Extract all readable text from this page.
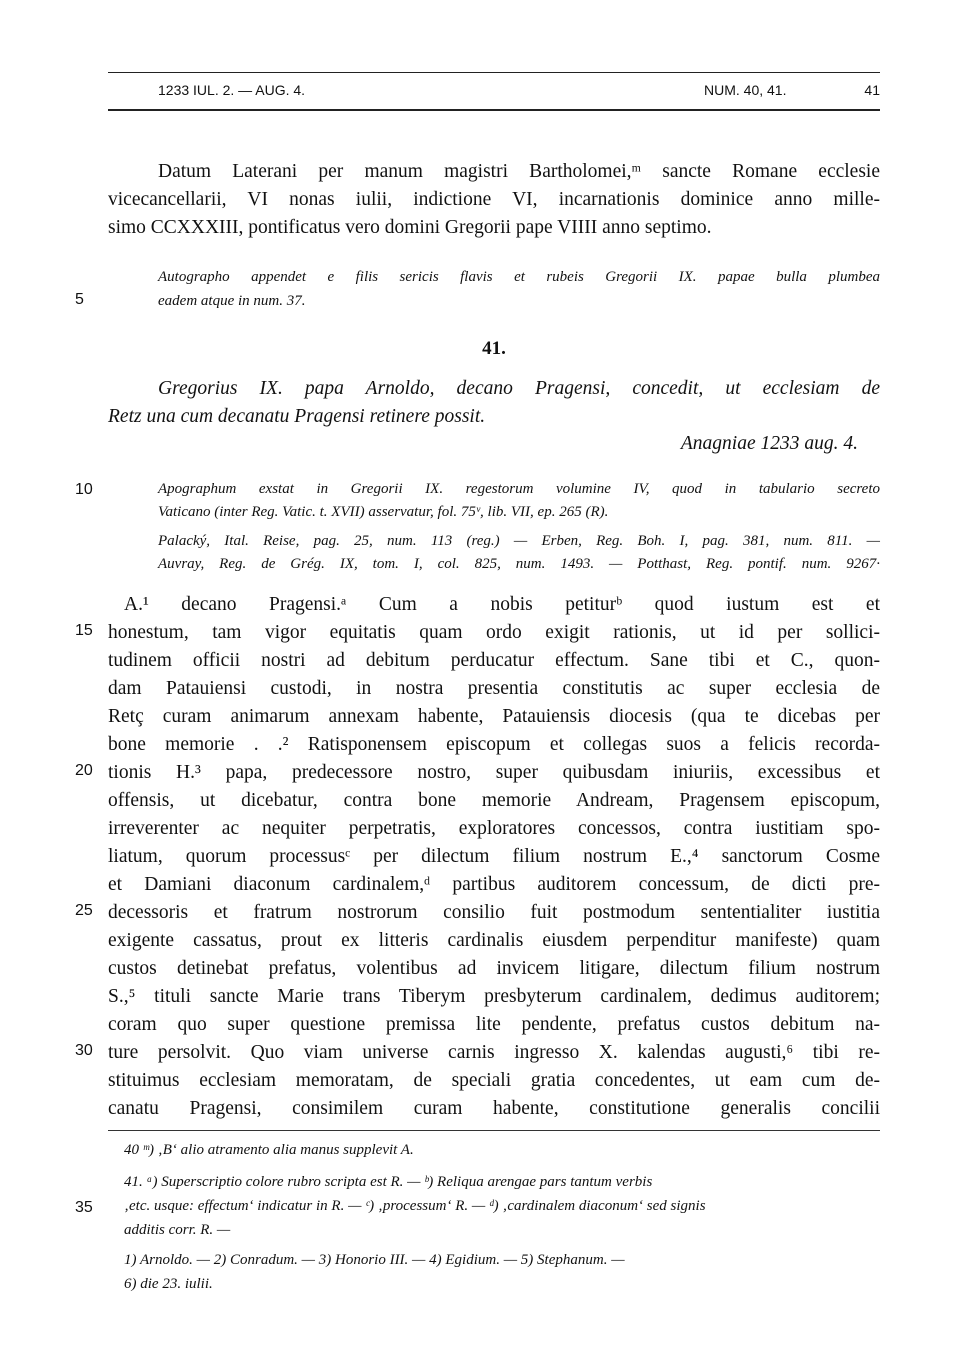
1233 IUL. 2. — AUG. 4.	NUM. 40, 41.	41
Datum Laterani per manum magistri Bartholomei,ᵐ sancte Romane ecclesie
vicecancellarii, VI nonas iulii, indictione VI, incarnationis dominice anno mille-
simo CCXXXIII, pontificatus vero domini Gregorii pape VIIII anno septimo.
Autographo appendet e filis sericis flavis et rubeis Gregorii IX. papae bulla plumbea
eadem atque in num. 37.
5
41.
Gregorius IX. papa Arnoldo, decano Pragensi, concedit, ut ecclesiam de
Retz una cum decanatu Pragensi retinere possit.
Anagniae 1233 aug. 4.
Apographum exstat in Gregorii IX. regestorum volumine IV, quod in tabulario secreto
10
Vaticano (inter Reg. Vatic. t. XVII) asservatur, fol. 75ᵛ, lib. VII, ep. 265 (R).
Palacký, Ital. Reise, pag. 25, num. 113 (reg.) — Erben, Reg. Boh. I, pag. 381, num. 811. —
Auvray, Reg. de Grég. IX, tom. I, col. 825, num. 1493. — Potthast, Reg. pontif. num. 9267·
A.¹ decano Pragensi.ᵃ Cum a nobis petiturᵇ quod iustum est et
honestum, tam vigor equitatis quam ordo exigit rationis, ut id per sollici-
15
tudinem officii nostri ad debitum perducatur effectum. Sane tibi et C., quon-
dam Patauiensi custodi, in nostra presentia constitutis ac super ecclesia de
Retç curam animarum annexam habente, Patauiensis diocesis (qua te dicebas per
bone memorie . .² Ratisponensem episcopum et collegas suos a felicis recorda-
tionis H.³ papa, predecessore nostro, super quibusdam iniuriis, excessibus et
20
offensis, ut dicebatur, contra bone memorie Andream, Pragensem episcopum,
irreverenter ac nequiter perpetratis, exploratores concessos, contra iustitiam spo-
liatum, quorum processusᶜ per dilectum filium nostrum E.,⁴ sanctorum Cosme
et Damiani diaconum cardinalem,ᵈ partibus auditorem concessum, de dicti pre-
decessoris et fratrum nostrorum consilio fuit postmodum sententialiter iustitia
25
exigente cassatus, prout ex litteris cardinalis eiusdem perpenditur manifeste) quam
custos detinebat prefatus, volentibus ad invicem litigare, dilectum filium nostrum
S.,⁵ tituli sancte Marie trans Tiberym presbyterum cardinalem, dedimus auditorem;
coram quo super questione premissa lite pendente, prefatus custos debitum na-
ture persolvit. Quo viam universe carnis ingresso X. kalendas augusti,⁶ tibi re-
30
stituimus ecclesiam memoratam, de speciali gratia concedentes, ut eam cum de-
canatu Pragensi, consimilem curam habente, constitutione generalis concilii
40 ᵐ) ‚B‘ alio atramento alia manus supplevit A.
41. ᵃ) Superscriptio colore rubro scripta est R. — ᵇ) Reliqua arengae pars tantum verbis
‚etc. usque: effectum‘ indicatur in R. — ᶜ) ‚processum‘ R. — ᵈ) ‚cardinalem diaconum‘ sed signis
35
additis corr. R. —
1) Arnoldo. — 2) Conradum. — 3) Honorio III. — 4) Egidium. — 5) Stephanum. —
6) die 23. iulii.
